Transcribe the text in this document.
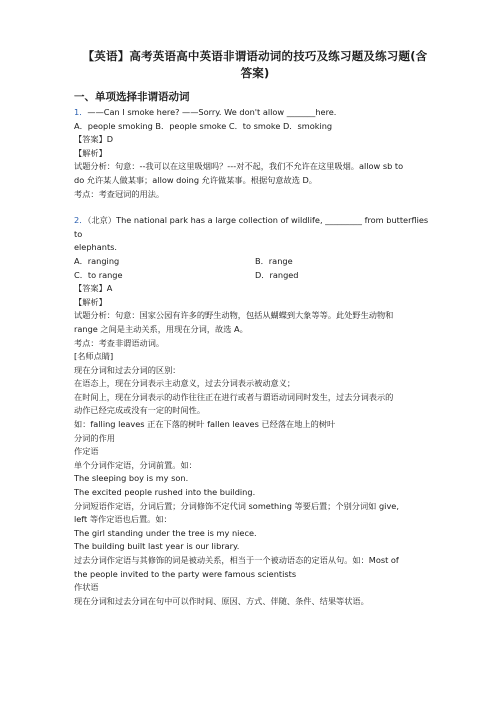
【英语】高考英语高中英语非谓语动词的技巧及练习题及练习题(含
答案)
一、单项选择非谓语动词
1．——Can I smoke here? ——Sorry. We don't allow _______here.
A．people smoking B．people smoke C．to smoke D．smoking
【答案】D
【解析】
试题分析：句意：--我可以在这里吸烟吗？---对不起，我们不允许在这里吸烟。allow sb to
do 允许某人做某事；allow doing 允许做某事。根据句意故选 D。
考点：考查冠词的用法。
2．（北京）The national park has a large collection of wildlife, _________ from butterflies to
elephants.
A．ranging	B．range
C．to range	D．ranged
【答案】A
【解析】
试题分析：句意：国家公园有许多的野生动物，包括从蝴蝶到大象等等。此处野生动物和
range 之间是主动关系，用现在分词，故选 A。
考点：考查非谓语动词。
[名师点睛]
现在分词和过去分词的区别：
在语态上，现在分词表示主动意义，过去分词表示被动意义；
在时间上，现在分词表示的动作往往正在进行或者与谓语动词同时发生，过去分词表示的
动作已经完成或没有一定的时间性。
如：falling leaves 正在下落的树叶 fallen leaves 已经落在地上的树叶
分词的作用
作定语
单个分词作定语，分词前置。如：
The sleeping boy is my son.
The excited people rushed into the building.
分词短语作定语，分词后置；分词修饰不定代词 something 等要后置；个别分词如 give,
left 等作定语也后置。如：
The girl standing under the tree is my niece.
The building built last year is our library.
过去分词作定语与其修饰的词是被动关系，相当于一个被动语态的定语从句。如：Most of
the people invited to the party were famous scientists
作状语
现在分词和过去分词在句中可以作时间、原因、方式、伴随、条件、结果等状语。
